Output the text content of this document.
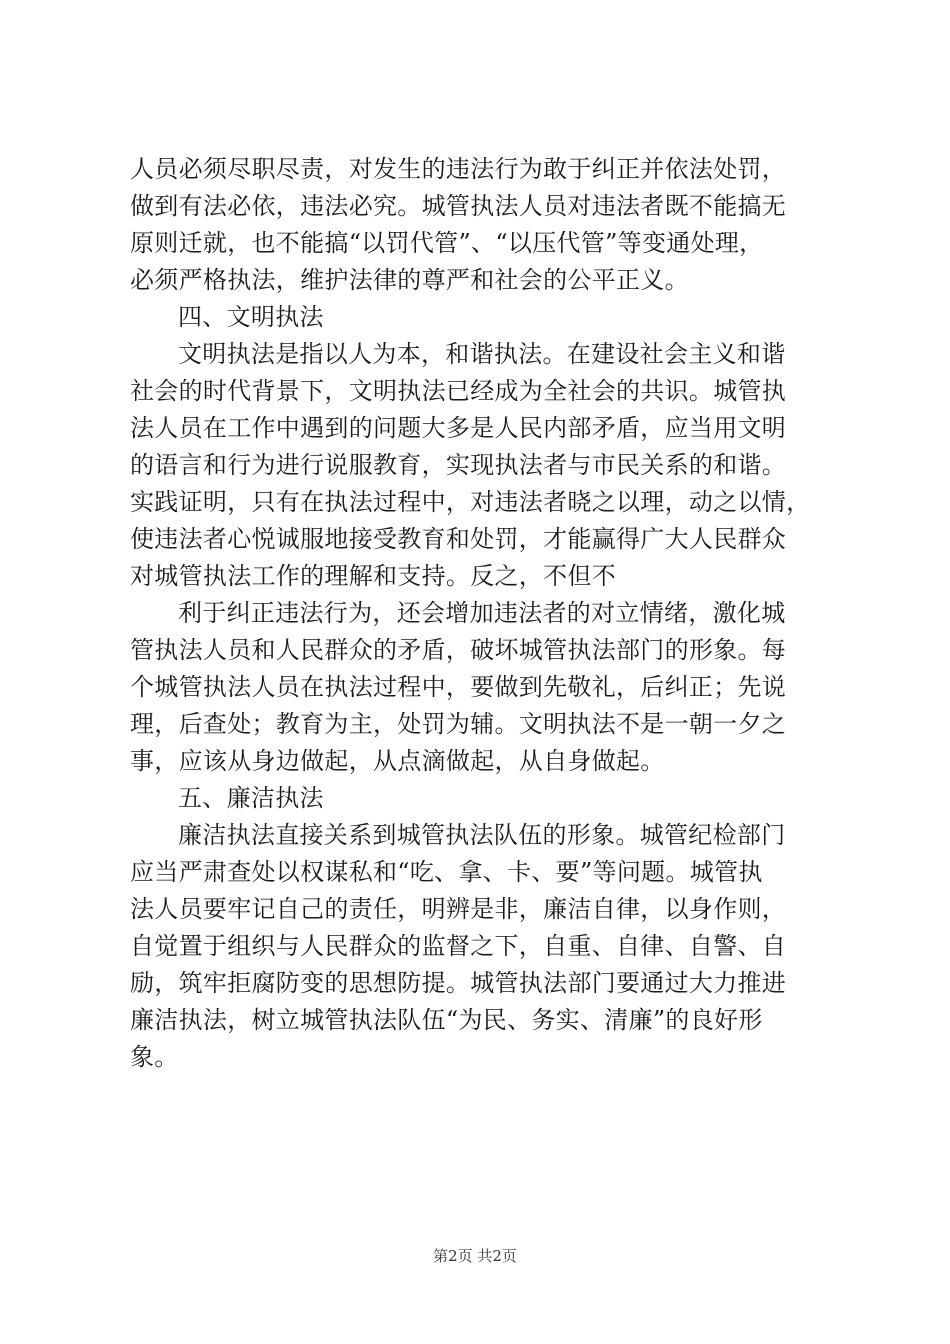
人员必须尽职尽责，对发生的违法行为敢于纠正并依法处罚，
做到有法必依，违法必究。城管执法人员对违法者既不能搞无
原则迁就，也不能搞“以罚代管”、“以压代管”等变通处理，
必须严格执法，维护法律的尊严和社会的公平正义。
四、文明执法
文明执法是指以人为本，和谐执法。在建设社会主义和谐
社会的时代背景下，文明执法已经成为全社会的共识。城管执
法人员在工作中遇到的问题大多是人民内部矛盾，应当用文明
的语言和行为进行说服教育，实现执法者与市民关系的和谐。
实践证明，只有在执法过程中，对违法者晓之以理，动之以情，
使违法者心悦诚服地接受教育和处罚，才能赢得广大人民群众
对城管执法工作的理解和支持。反之，不但不
利于纠正违法行为，还会增加违法者的对立情绪，激化城
管执法人员和人民群众的矛盾，破坏城管执法部门的形象。每
个城管执法人员在执法过程中，要做到先敬礼，后纠正；先说
理，后查处；教育为主，处罚为辅。文明执法不是一朝一夕之
事，应该从身边做起，从点滴做起，从自身做起。
五、廉洁执法
廉洁执法直接关系到城管执法队伍的形象。城管纪检部门
应当严肃查处以权谋私和“吃、拿、卡、要”等问题。城管执
法人员要牢记自己的责任，明辨是非，廉洁自律，以身作则，
自觉置于组织与人民群众的监督之下，自重、自律、自警、自
励，筑牢拒腐防变的思想防提。城管执法部门要通过大力推进
廉洁执法，树立城管执法队伍“为民、务实、清廉”的良好形
象。
第2页 共2页
